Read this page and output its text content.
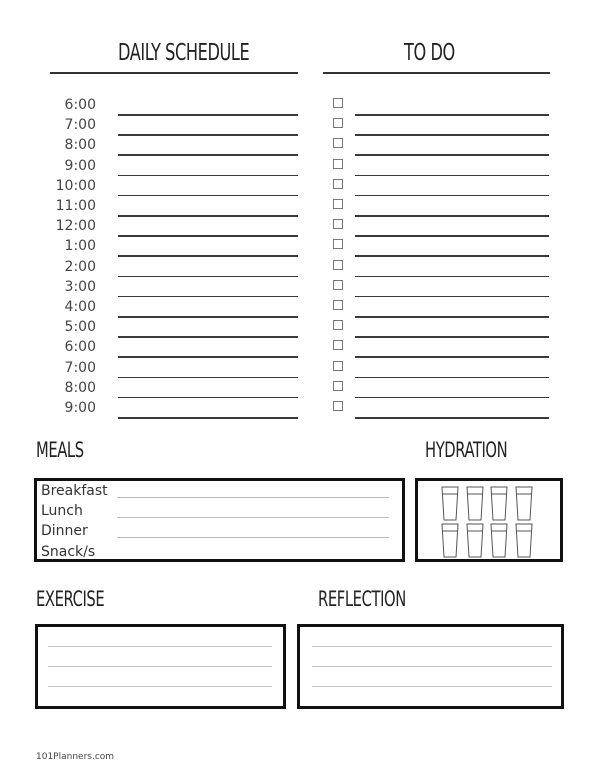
DAILY SCHEDULE	TO DO
6:00
7:00
8:00
9:00
10:00
11:00
12:00
1:00
2:00
3:00
4:00
5:00
6:00
7:00
8:00
9:00
MEALS
Breakfast
Lunch
Dinner
Snack/s
HYDRATION
EXERCISE	REFLECTION
101Planners.com
